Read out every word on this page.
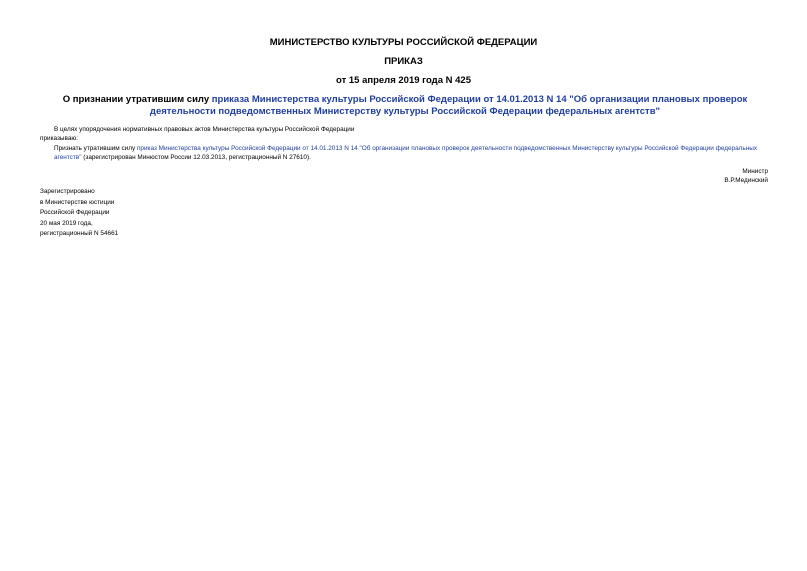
МИНИСТЕРСТВО КУЛЬТУРЫ РОССИЙСКОЙ ФЕДЕРАЦИИ
ПРИКАЗ
от 15 апреля 2019 года N 425
О признании утратившим силу приказа Министерства культуры Российской Федерации от 14.01.2013 N 14 "Об организации плановых проверок деятельности подведомственных Министерству культуры Российской Федерации федеральных агентств"
В целях упорядочения нормативных правовых актов Министерства культуры Российской Федерации
приказываю:
Признать утратившим силу приказ Министерства культуры Российской Федерации от 14.01.2013 N 14 "Об организации плановых проверок деятельности подведомственных Министерству культуры Российской Федерации федеральных агентств" (зарегистрирован Минюстом России 12.03.2013, регистрационный N 27610).
Министр
В.Р.Мединский
Зарегистрировано
в Министерстве юстиции
Российской Федерации
20 мая 2019 года,
регистрационный N 54661
